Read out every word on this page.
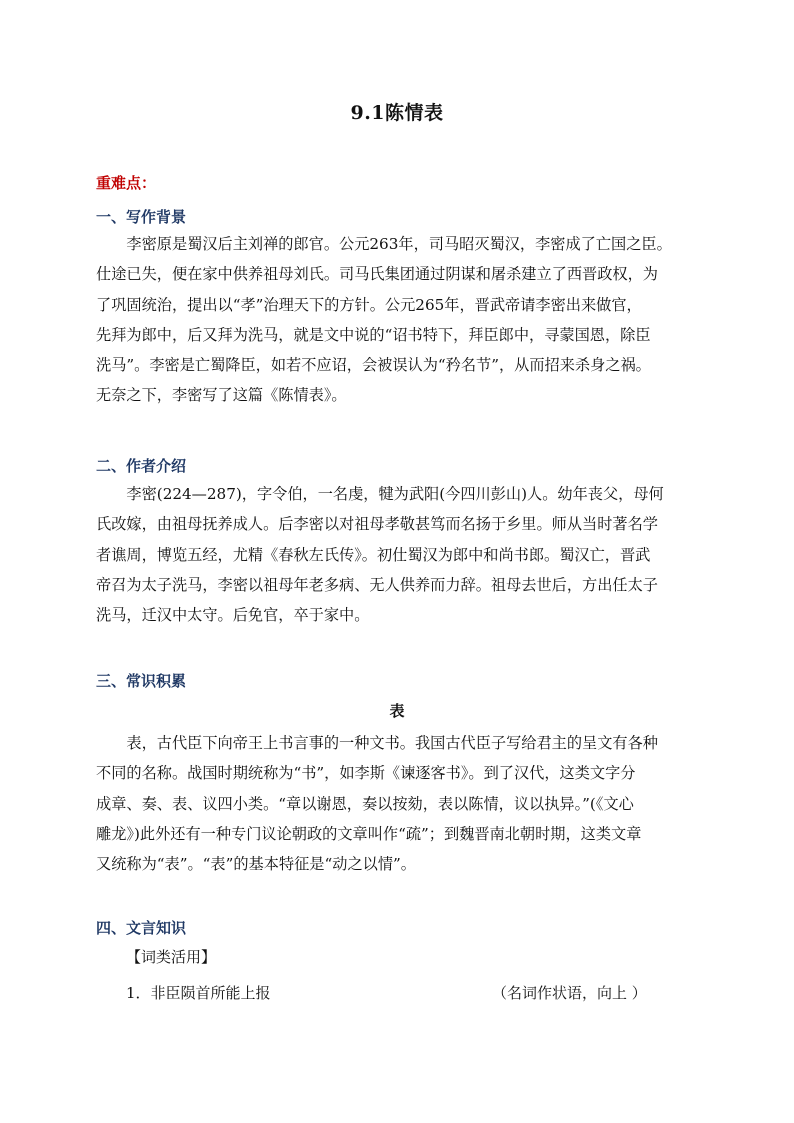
9.1陈情表
重难点：
一、写作背景
李密原是蜀汉后主刘禅的郎官。公元263年，司马昭灭蜀汉，李密成了亡国之臣。
仕途已失，便在家中供养祖母刘氏。司马氏集团通过阴谋和屠杀建立了西晋政权，为
了巩固统治，提出以“孝”治理天下的方针。公元265年，晋武帝请李密出来做官，
先拜为郎中，后又拜为洗马，就是文中说的“诏书特下，拜臣郎中，寻蒙国恩，除臣
洗马”。李密是亡蜀降臣，如若不应诏，会被误认为“矜名节”，从而招来杀身之祸。
无奈之下，李密写了这篇《陈情表》。
二、作者介绍
李密(224—287)，字令伯，一名虔，犍为武阳(今四川彭山)人。幼年丧父，母何
氏改嫁，由祖母抚养成人。后李密以对祖母孝敬甚笃而名扬于乡里。师从当时著名学
者谯周，博览五经，尤精《春秋左氏传》。初仕蜀汉为郎中和尚书郎。蜀汉亡，晋武
帝召为太子洗马，李密以祖母年老多病、无人供养而力辞。祖母去世后，方出任太子
洗马，迁汉中太守。后免官，卒于家中。
三、常识积累
表
表，古代臣下向帝王上书言事的一种文书。我国古代臣子写给君主的呈文有各种
不同的名称。战国时期统称为“书”，如李斯《谏逐客书》。到了汉代，这类文字分
成章、奏、表、议四小类。“章以谢恩，奏以按劾，表以陈情，议以执异。”(《文心
雕龙》)此外还有一种专门议论朝政的文章叫作“疏”；到魏晋南北朝时期，这类文章
又统称为“表”。“表”的基本特征是“动之以情”。
四、文言知识
【词类活用】
1．非臣陨首所能上报	（名词作状语，向上 ）
